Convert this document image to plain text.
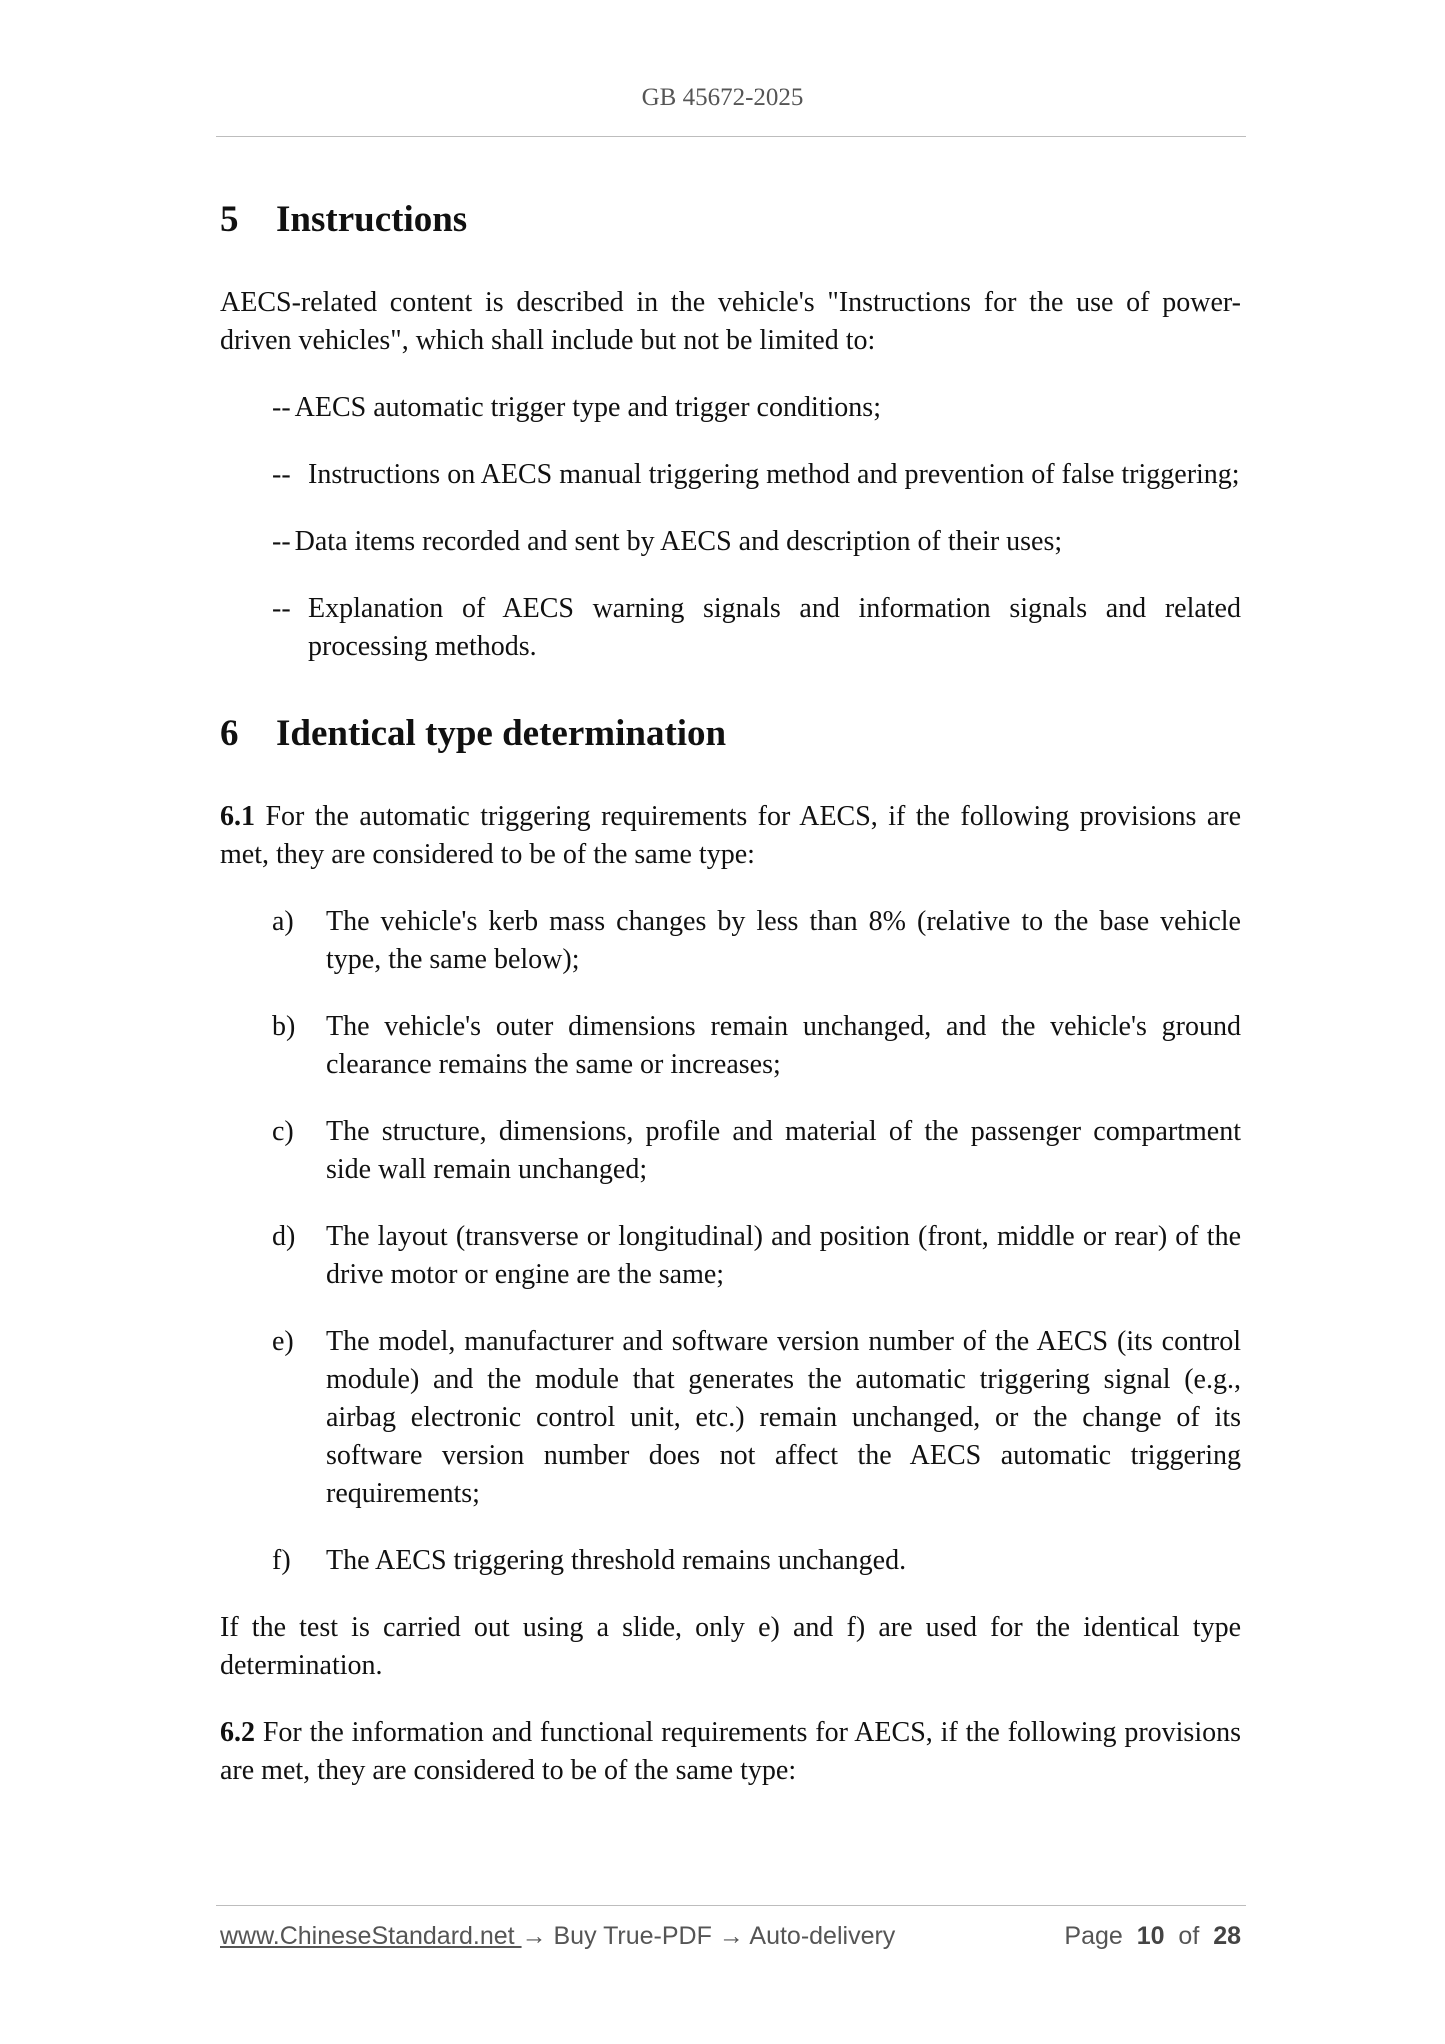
GB 45672-2025
5 Instructions

AECS-related content is described in the vehicle's "Instructions for the use of power-driven vehicles", which shall include but not be limited to:

-- AECS automatic trigger type and trigger conditions;
-- Instructions on AECS manual triggering method and prevention of false triggering;
-- Data items recorded and sent by AECS and description of their uses;
-- Explanation of AECS warning signals and information signals and related processing methods.
6 Identical type determination

6.1 For the automatic triggering requirements for AECS, if the following provisions are met, they are considered to be of the same type:

a) The vehicle's kerb mass changes by less than 8% (relative to the base vehicle type, the same below);
b) The vehicle's outer dimensions remain unchanged, and the vehicle's ground clearance remains the same or increases;
c) The structure, dimensions, profile and material of the passenger compartment side wall remain unchanged;
d) The layout (transverse or longitudinal) and position (front, middle or rear) of the drive motor or engine are the same;
e) The model, manufacturer and software version number of the AECS (its control module) and the module that generates the automatic triggering signal (e.g., airbag electronic control unit, etc.) remain unchanged, or the change of its software version number does not affect the AECS automatic triggering requirements;
f) The AECS triggering threshold remains unchanged.

If the test is carried out using a slide, only e) and f) are used for the identical type determination.

6.2 For the information and functional requirements for AECS, if the following provisions are met, they are considered to be of the same type:

www.ChineseStandard.net → Buy True-PDF → Auto-delivery	Page 10 of 28
